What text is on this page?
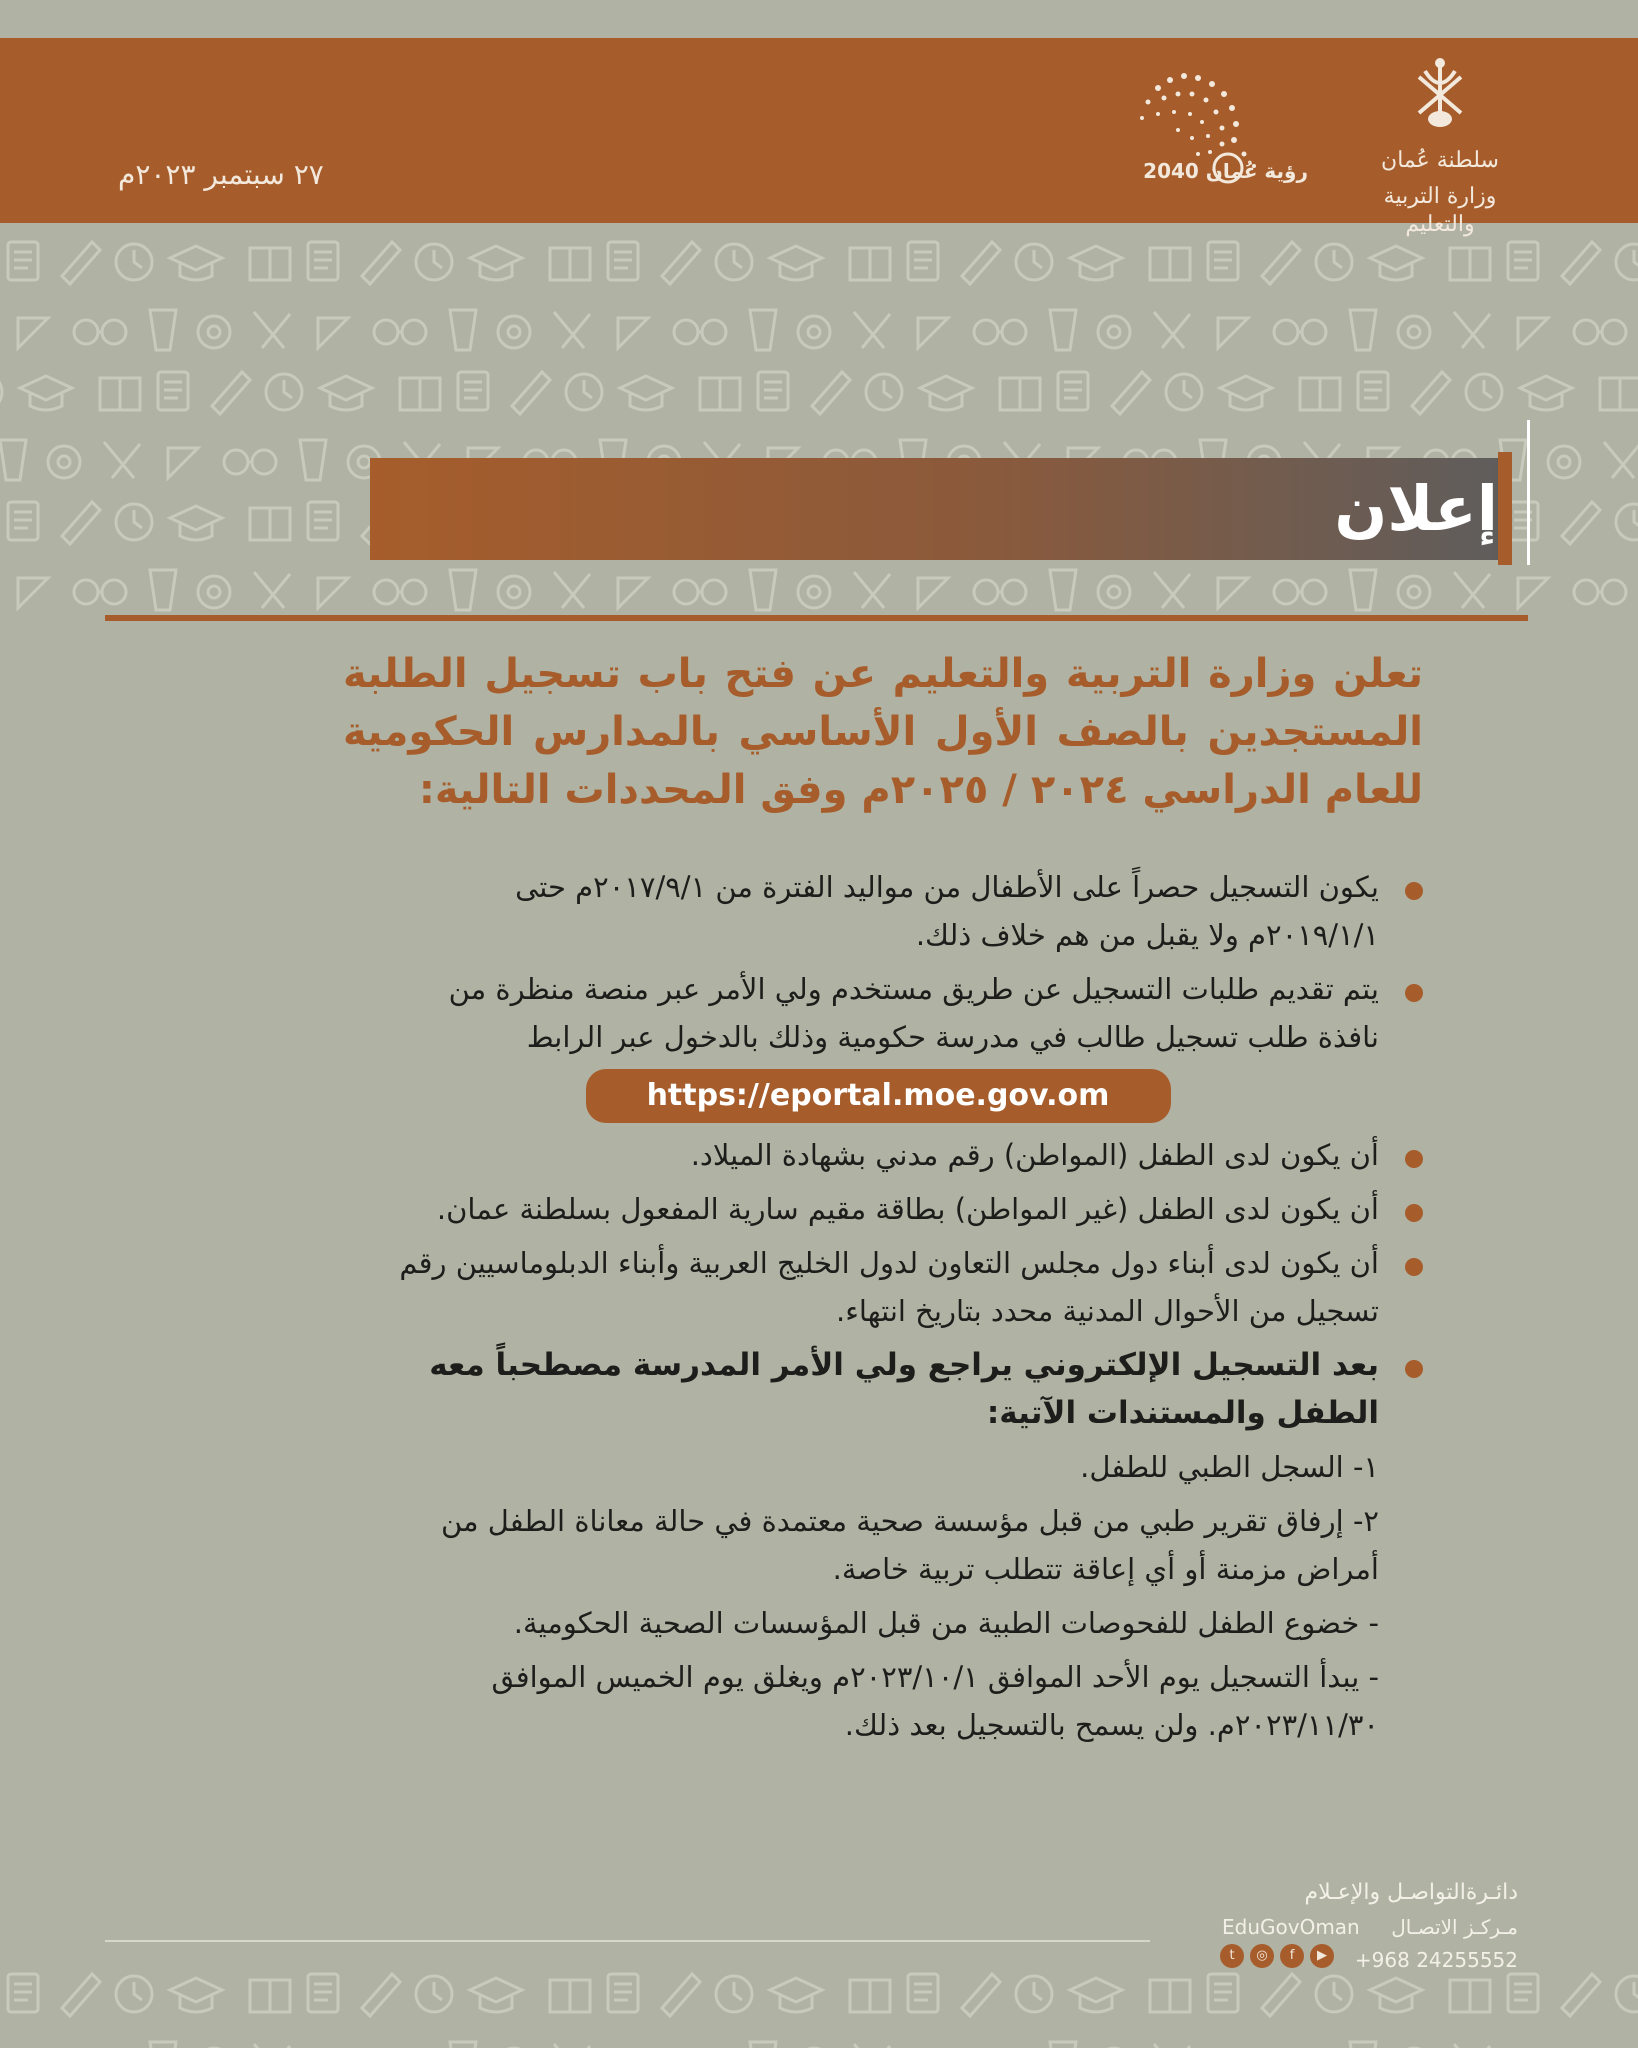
٢٧ سبتمبر ٢٠٢٣م	رؤية عُمان 2040	سلطنة عُمان
وزارة التربية والتعليم
إعلان
تعلن وزارة التربية والتعليم عن فتح باب تسجيل الطلبة المستجدين بالصف الأول الأساسي بالمدارس الحكومية للعام الدراسي ٢٠٢٤ / ٢٠٢٥م وفق المحددات التالية:
يكون التسجيل حصراً على الأطفال من مواليد الفترة من ٢٠١٧/٩/١م حتى ٢٠١٩/١/١م ولا يقبل من هم خلاف ذلك.
يتم تقديم طلبات التسجيل عن طريق مستخدم ولي الأمر عبر منصة منظرة من نافذة طلب تسجيل طالب في مدرسة حكومية وذلك بالدخول عبر الرابط
https://eportal.moe.gov.om
أن يكون لدى الطفل (المواطن) رقم مدني بشهادة الميلاد.
أن يكون لدى الطفل (غير المواطن) بطاقة مقيم سارية المفعول بسلطنة عمان.
أن يكون لدى أبناء دول مجلس التعاون لدول الخليج العربية وأبناء الدبلوماسيين رقم تسجيل من الأحوال المدنية محدد بتاريخ انتهاء.
بعد التسجيل الإلكتروني يراجع ولي الأمر المدرسة مصطحباً معه الطفل والمستندات الآتية:
١- السجل الطبي للطفل.
٢- إرفاق تقرير طبي من قبل مؤسسة صحية معتمدة في حالة معاناة الطفل من أمراض مزمنة أو أي إعاقة تتطلب تربية خاصة.
- خضوع الطفل للفحوصات الطبية من قبل المؤسسات الصحية الحكومية.
- يبدأ التسجيل يوم الأحد الموافق ٢٠٢٣/١٠/١م ويغلق يوم الخميس الموافق ٢٠٢٣/١١/٣٠م. ولن يسمح بالتسجيل بعد ذلك.
دائـرةالتواصـل والإعـلام
مـركـز الاتصـال
EduGovOman
t	◎	f	▶	+968 24255552
